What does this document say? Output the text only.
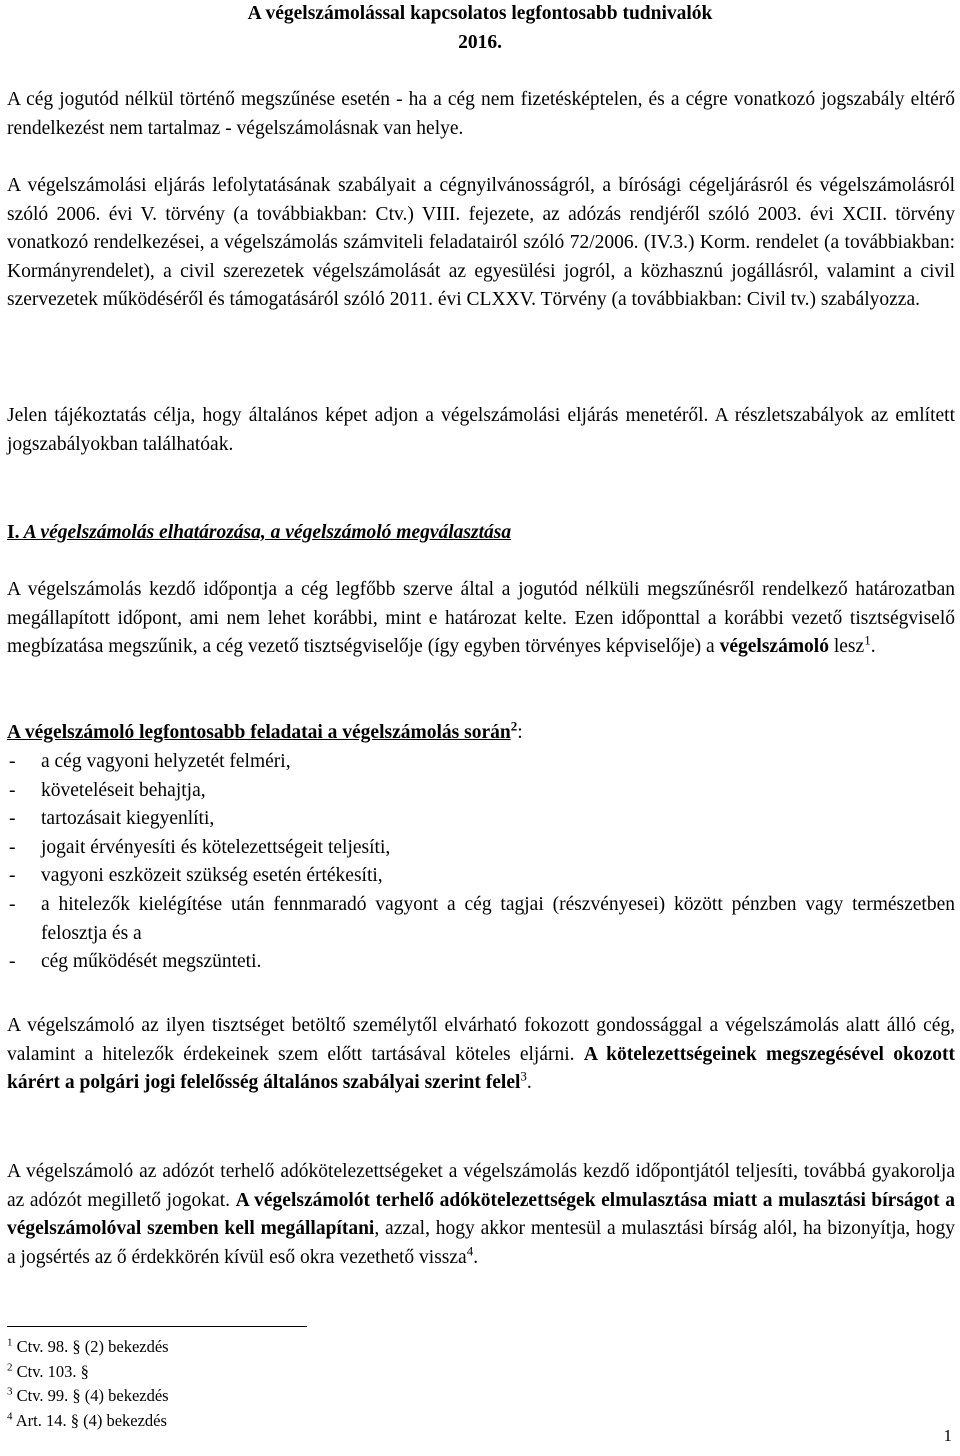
A végelszámolással kapcsolatos legfontosabb tudnivalók
2016.

A cég jogutód nélkül történő megszűnése esetén - ha a cég nem fizetésképtelen, és a cégre vonatkozó jogszabály eltérő rendelkezést nem tartalmaz - végelszámolásnak van helye.

A végelszámolási eljárás lefolytatásának szabályait a cégnyilvánosságról, a bírósági cégeljárásról és végelszámolásról szóló 2006. évi V. törvény (a továbbiakban: Ctv.) VIII. fejezete, az adózás rendjéről szóló 2003. évi XCII. törvény vonatkozó rendelkezései, a végelszámolás számviteli feladatairól szóló 72/2006. (IV.3.) Korm. rendelet (a továbbiakban: Kormányrendelet), a civil szerezetek végelszámolását az egyesülési jogról, a közhasznú jogállásról, valamint a civil szervezetek működéséről és támogatásáról szóló 2011. évi CLXXV. Törvény (a továbbiakban: Civil tv.) szabályozza.

Jelen tájékoztatás célja, hogy általános képet adjon a végelszámolási eljárás menetéről. A részletszabályok az említett jogszabályokban találhatóak.

I. A végelszámolás elhatározása, a végelszámoló megválasztása

A végelszámolás kezdő időpontja a cég legfőbb szerve által a jogutód nélküli megszűnésről rendelkező határozatban megállapított időpont, ami nem lehet korábbi, mint e határozat kelte. Ezen időponttal a korábbi vezető tisztségviselő megbízatása megszűnik, a cég vezető tisztségviselője (így egyben törvényes képviselője) a végelszámoló lesz$^1$.

A végelszámoló legfontosabb feladatai a végelszámolás során$^2$:

- a cég vagyoni helyzetét felméri,
- követeléseit behajtja,
- tartozásait kiegyenlíti,
- jogait érvényesíti és kötelezettségeit teljesíti,
- vagyoni eszközeit szükség esetén értékesíti,
- a hitelezők kielégítése után fennmaradó vagyont a cég tagjai (részvényesei) között pénzben vagy természetben felosztja és a
- cég működését megszünteti.

A végelszámoló az ilyen tisztséget betöltő személytől elvárható fokozott gondossággal a végelszámolás alatt álló cég, valamint a hitelezők érdekeinek szem előtt tartásával köteles eljárni. A kötelezettségeinek megszegésével okozott kárért a polgári jogi felelősség általános szabályai szerint felel$^3$.

A végelszámoló az adózót terhelő adókötelezettségeket a végelszámolás kezdő időpontjától teljesíti, továbbá gyakorolja az adózót megillető jogokat. A végelszámolót terhelő adókötelezettségek elmulasztása miatt a mulasztási bírságot a végelszámolóval szemben kell megállapítani, azzal, hogy akkor mentesül a mulasztási bírság alól, ha bizonyítja, hogy a jogsértés az ő érdekkörén kívül eső okra vezethető vissza$^4$.

$^1$ Ctv. 98. § (2) bekezdés
$^2$ Ctv. 103. §
$^3$ Ctv. 99. § (4) bekezdés
$^4$ Art. 14. § (4) bekezdés
1
